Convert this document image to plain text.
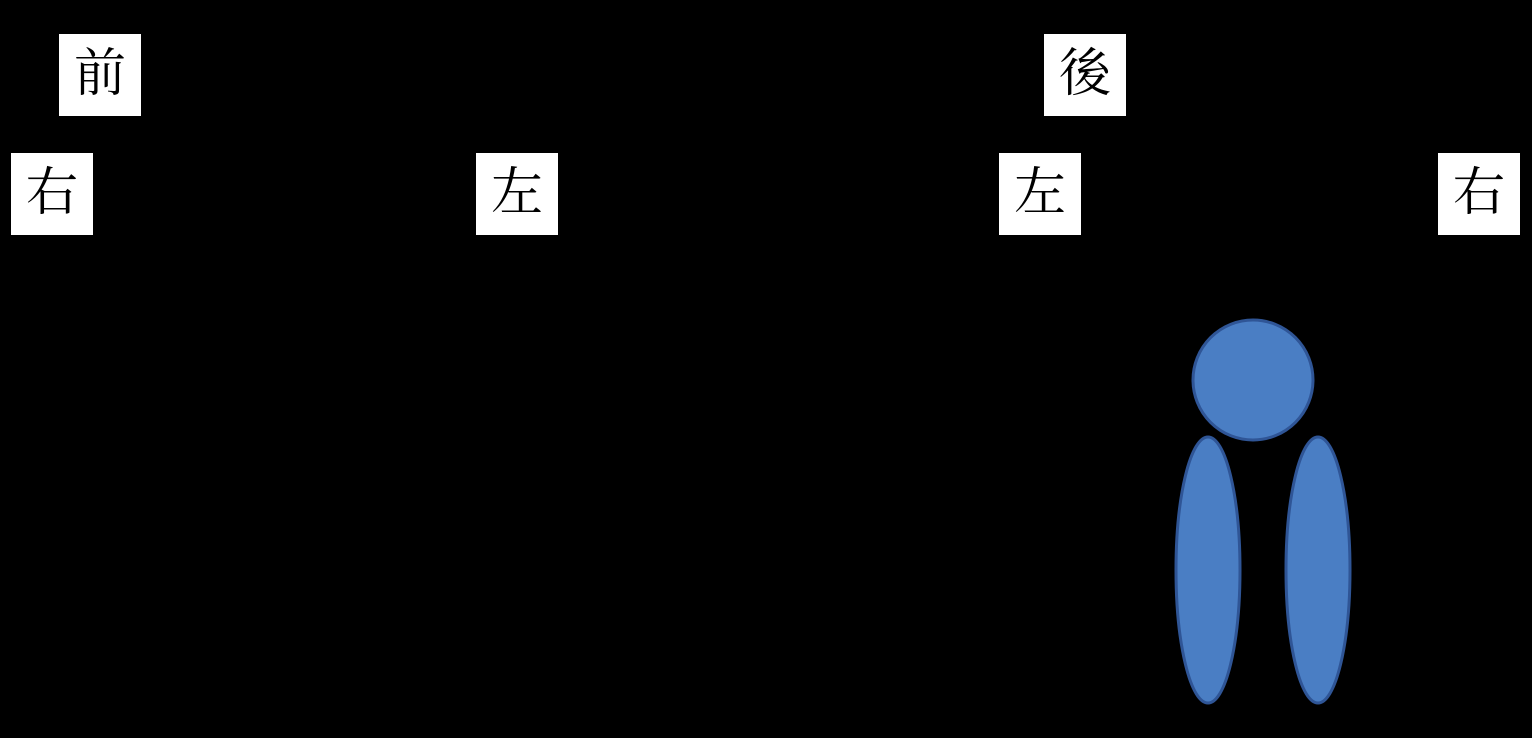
前	後
右	左	左	右
